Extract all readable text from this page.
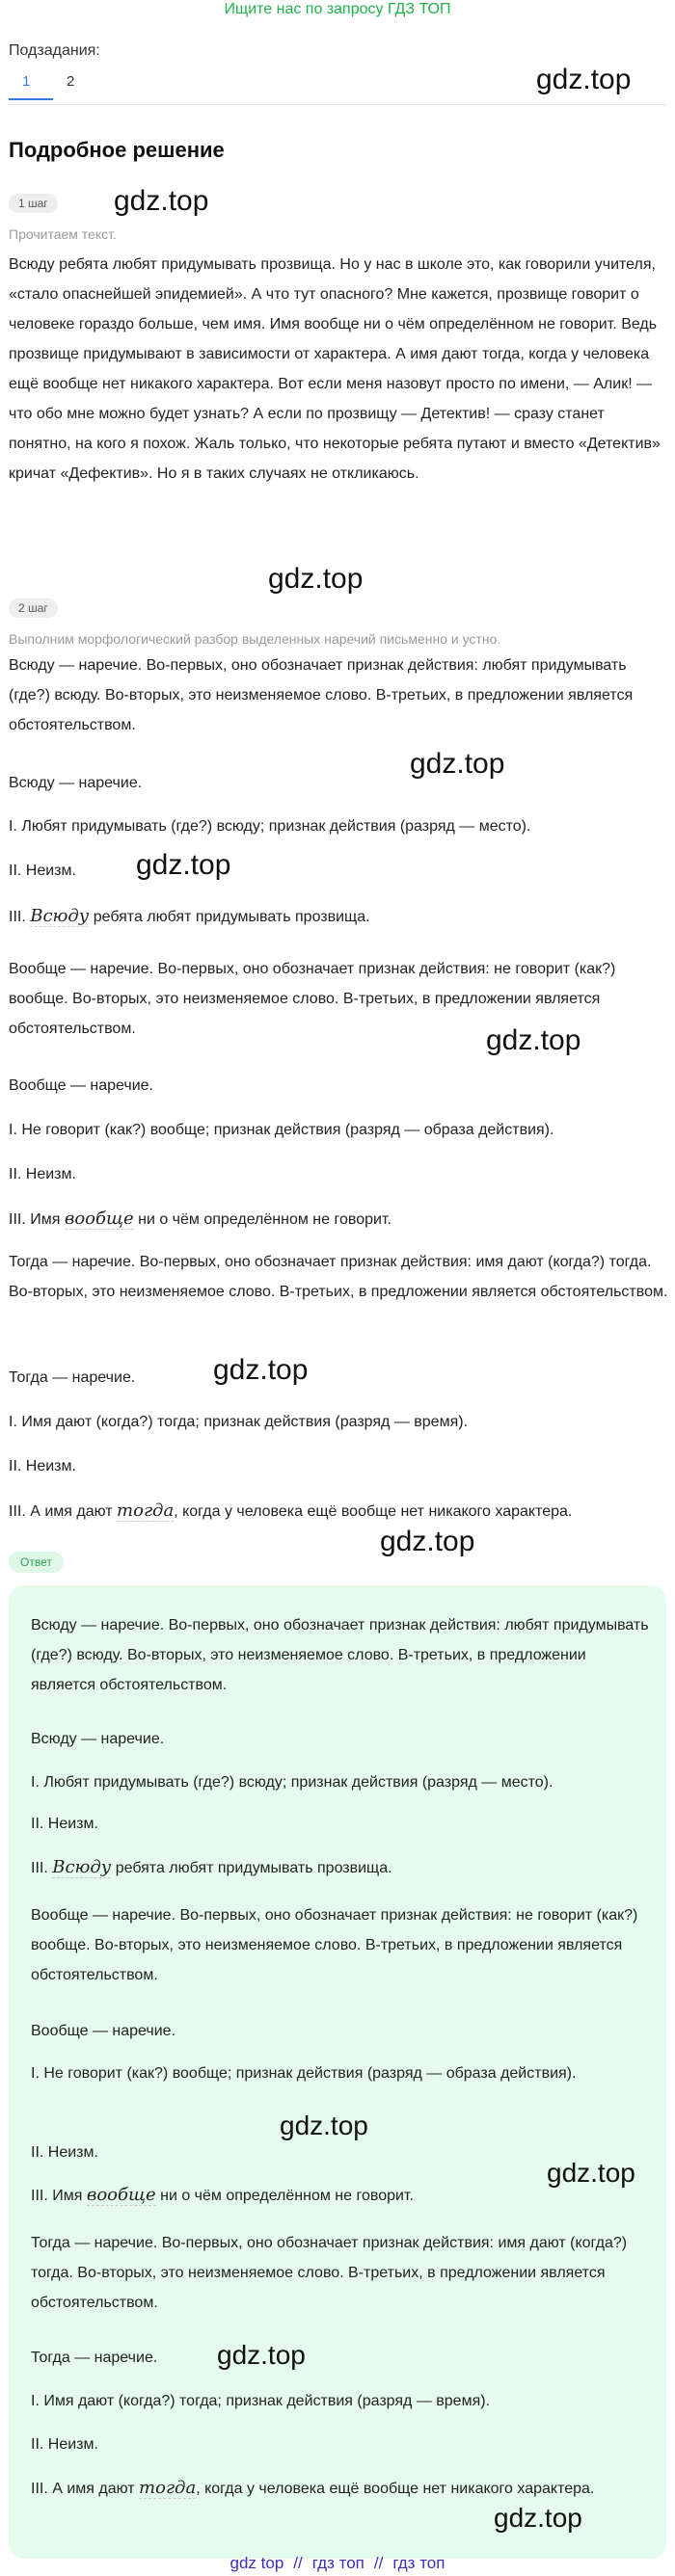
Ищите нас по запросу ГДЗ ТОП
Подзадания:
1	2	gdz.top
gdz.top
gdz.top
gdz.top
gdz.top
gdz.top
gdz.top
gdz.top
Подробное решение
1 шаг
Прочитаем текст.

Всюду ребята любят придумывать прозвища. Но у нас в школе это, как говорили учителя, «стало опаснейшей эпидемией». А что тут опасного? Мне кажется, прозвище говорит о человеке гораздо больше, чем имя. Имя вообще ни о чём определённом не говорит. Ведь прозвище придумывают в зависимости от характера. А имя дают тогда, когда у человека ещё вообще нет никакого характера. Вот если меня назовут просто по имени, — Алик! — что обо мне можно будет узнать? А если по прозвищу — Детектив! — сразу станет понятно, на кого я похож. Жаль только, что некоторые ребята путают и вместо «Детектив» кричат «Дефектив». Но я в таких случаях не откликаюсь.

2 шаг
Выполним морфологический разбор выделенных наречий письменно и устно.

Всюду — наречие. Во-первых, оно обозначает признак действия: любят придумывать (где?) всюду. Во-вторых, это неизменяемое слово. В-третьих, в предложении является обстоятельством.

Всюду — наречие.

I. Любят придумывать (где?) всюду; признак действия (разряд — место).

II. Неизм.

III. Всюду ребята любят придумывать прозвища.

Вообще — наречие. Во-первых, оно обозначает признак действия: не говорит (как?) вообще. Во-вторых, это неизменяемое слово. В-третьих, в предложении является обстоятельством.

Вообще — наречие.

I. Не говорит (как?) вообще; признак действия (разряд — образа действия).

II. Неизм.

III. Имя вообще ни о чём определённом не говорит.

Тогда — наречие. Во-первых, оно обозначает признак действия: имя дают (когда?) тогда. Во-вторых, это неизменяемое слово. В-третьих, в предложении является обстоятельством.

Тогда — наречие.

I. Имя дают (когда?) тогда; признак действия (разряд — время).

II. Неизм.

III. А имя дают тогда, когда у человека ещё вообще нет никакого характера.

Ответ

Всюду — наречие. Во-первых, оно обозначает признак действия: любят придумывать (где?) всюду. Во-вторых, это неизменяемое слово. В-третьих, в предложении является обстоятельством.

Всюду — наречие.

I. Любят придумывать (где?) всюду; признак действия (разряд — место).

II. Неизм.

III. Всюду ребята любят придумывать прозвища.

Вообще — наречие. Во-первых, оно обозначает признак действия: не говорит (как?) вообще. Во-вторых, это неизменяемое слово. В-третьих, в предложении является обстоятельством.

Вообще — наречие.

I. Не говорит (как?) вообще; признак действия (разряд — образа действия).

II. Неизм.

III. Имя вообще ни о чём определённом не говорит.

Тогда — наречие. Во-первых, оно обозначает признак действия: имя дают (когда?) тогда. Во-вторых, это неизменяемое слово. В-третьих, в предложении является обстоятельством.

Тогда — наречие.

I. Имя дают (когда?) тогда; признак действия (разряд — время).

II. Неизм.

III. А имя дают тогда, когда у человека ещё вообще нет никакого характера.

gdz.top
gdz.top
gdz.top
gdz.top
gdz top // гдз топ // гдз топ
